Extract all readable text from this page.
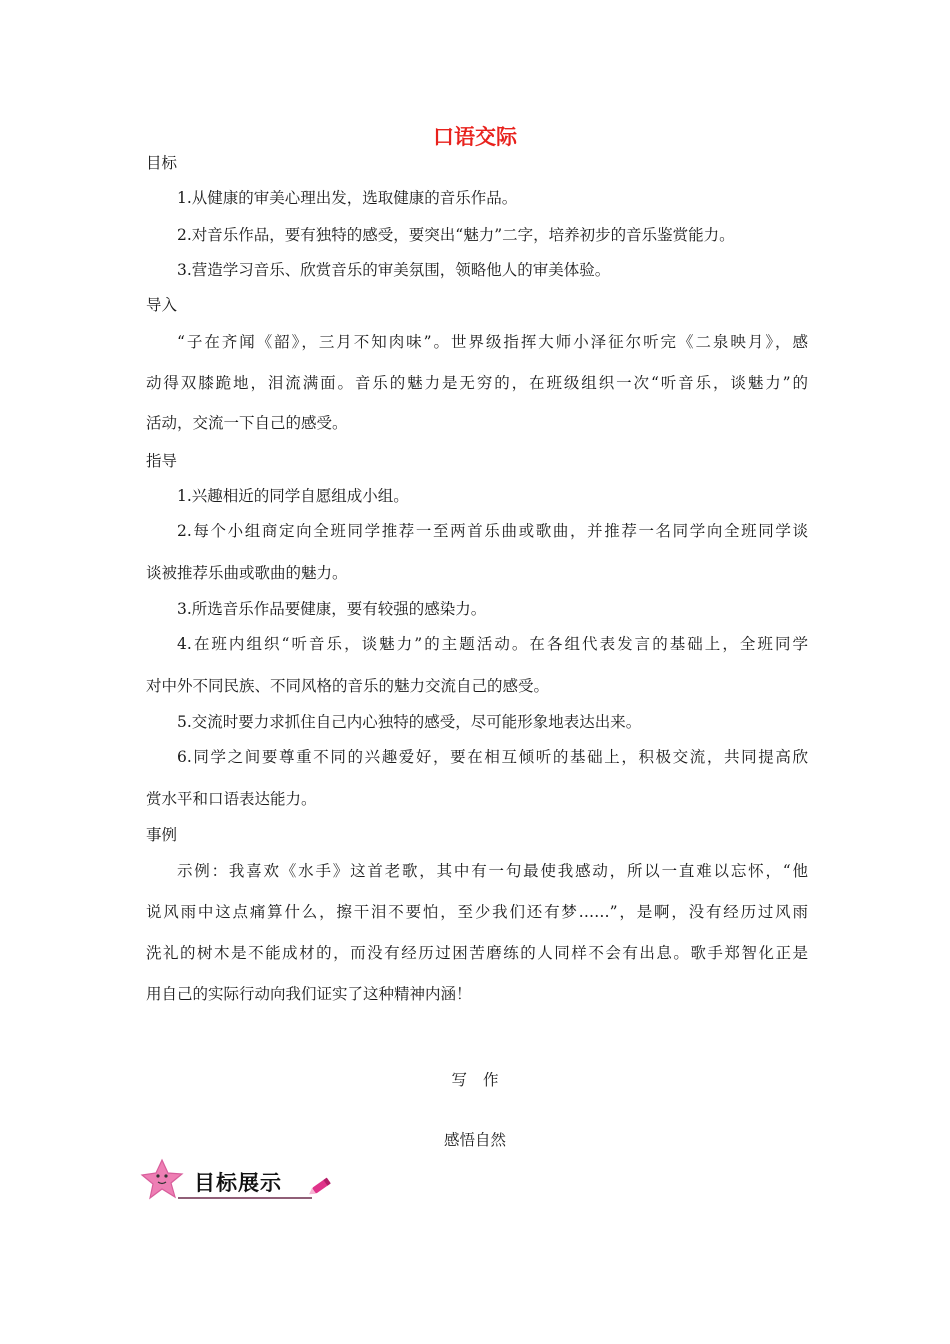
口语交际
目标
1.从健康的审美心理出发，选取健康的音乐作品。
2.对音乐作品，要有独特的感受，要突出“魅力”二字，培养初步的音乐鉴赏能力。
3.营造学习音乐、欣赏音乐的审美氛围，领略他人的审美体验。
导入
“子在齐闻《韶》，三月不知肉味”。世界级指挥大师小泽征尔听完《二泉映月》，感
动得双膝跪地，泪流满面。音乐的魅力是无穷的，在班级组织一次“听音乐，谈魅力”的
活动，交流一下自己的感受。
指导
1.兴趣相近的同学自愿组成小组。
2.每个小组商定向全班同学推荐一至两首乐曲或歌曲，并推荐一名同学向全班同学谈
谈被推荐乐曲或歌曲的魅力。
3.所选音乐作品要健康，要有较强的感染力。
4.在班内组织“听音乐，谈魅力”的主题活动。在各组代表发言的基础上，全班同学
对中外不同民族、不同风格的音乐的魅力交流自己的感受。
5.交流时要力求抓住自己内心独特的感受，尽可能形象地表达出来。
6.同学之间要尊重不同的兴趣爱好，要在相互倾听的基础上，积极交流，共同提高欣
赏水平和口语表达能力。
事例
示例：我喜欢《水手》这首老歌，其中有一句最使我感动，所以一直难以忘怀，“他
说风雨中这点痛算什么，擦干泪不要怕，至少我们还有梦……”，是啊，没有经历过风雨
洗礼的树木是不能成材的，而没有经历过困苦磨练的人同样不会有出息。歌手郑智化正是
用自己的实际行动向我们证实了这种精神内涵！
写作
感悟自然
目标展示
